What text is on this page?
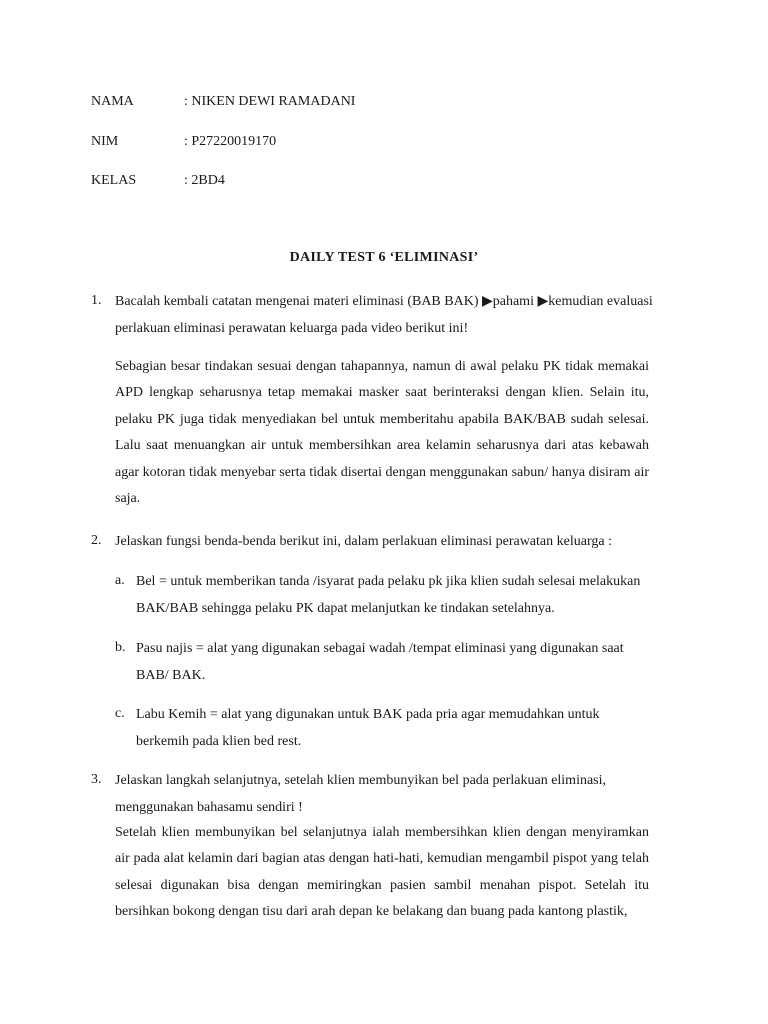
NAMA	: NIKEN DEWI RAMADANI
NIM	: P27220019170
KELAS	: 2BD4
DAILY TEST 6 ‘ELIMINASI’
1. Bacalah kembali catatan mengenai materi eliminasi (BAB BAK) ▶pahami ▶kemudian evaluasi perlakuan eliminasi perawatan keluarga pada video berikut ini!
Sebagian besar tindakan sesuai dengan tahapannya, namun di awal pelaku PK tidak memakai APD lengkap seharusnya tetap memakai masker saat berinteraksi dengan klien. Selain itu, pelaku PK juga tidak menyediakan bel untuk memberitahu apabila BAK/BAB sudah selesai. Lalu saat menuangkan air untuk membersihkan area kelamin seharusnya dari atas kebawah agar kotoran tidak menyebar serta tidak disertai dengan menggunakan sabun/ hanya disiram air saja.
2. Jelaskan fungsi benda-benda berikut ini, dalam perlakuan eliminasi perawatan keluarga :
a. Bel = untuk memberikan tanda /isyarat pada pelaku pk jika klien sudah selesai melakukan BAK/BAB sehingga pelaku PK dapat melanjutkan ke tindakan setelahnya.
b. Pasu najis = alat yang digunakan sebagai wadah /tempat eliminasi yang digunakan saat BAB/ BAK.
c. Labu Kemih = alat yang digunakan untuk BAK pada pria agar memudahkan untuk berkemih pada klien bed rest.
3. Jelaskan langkah selanjutnya, setelah klien membunyikan bel pada perlakuan eliminasi, menggunakan bahasamu sendiri !
Setelah klien membunyikan bel selanjutnya ialah membersihkan klien dengan menyiramkan air pada alat kelamin dari bagian atas dengan hati-hati, kemudian mengambil pispot yang telah selesai digunakan bisa dengan memiringkan pasien sambil menahan pispot. Setelah itu bersihkan bokong dengan tisu dari arah depan ke belakang dan buang pada kantong plastik,
